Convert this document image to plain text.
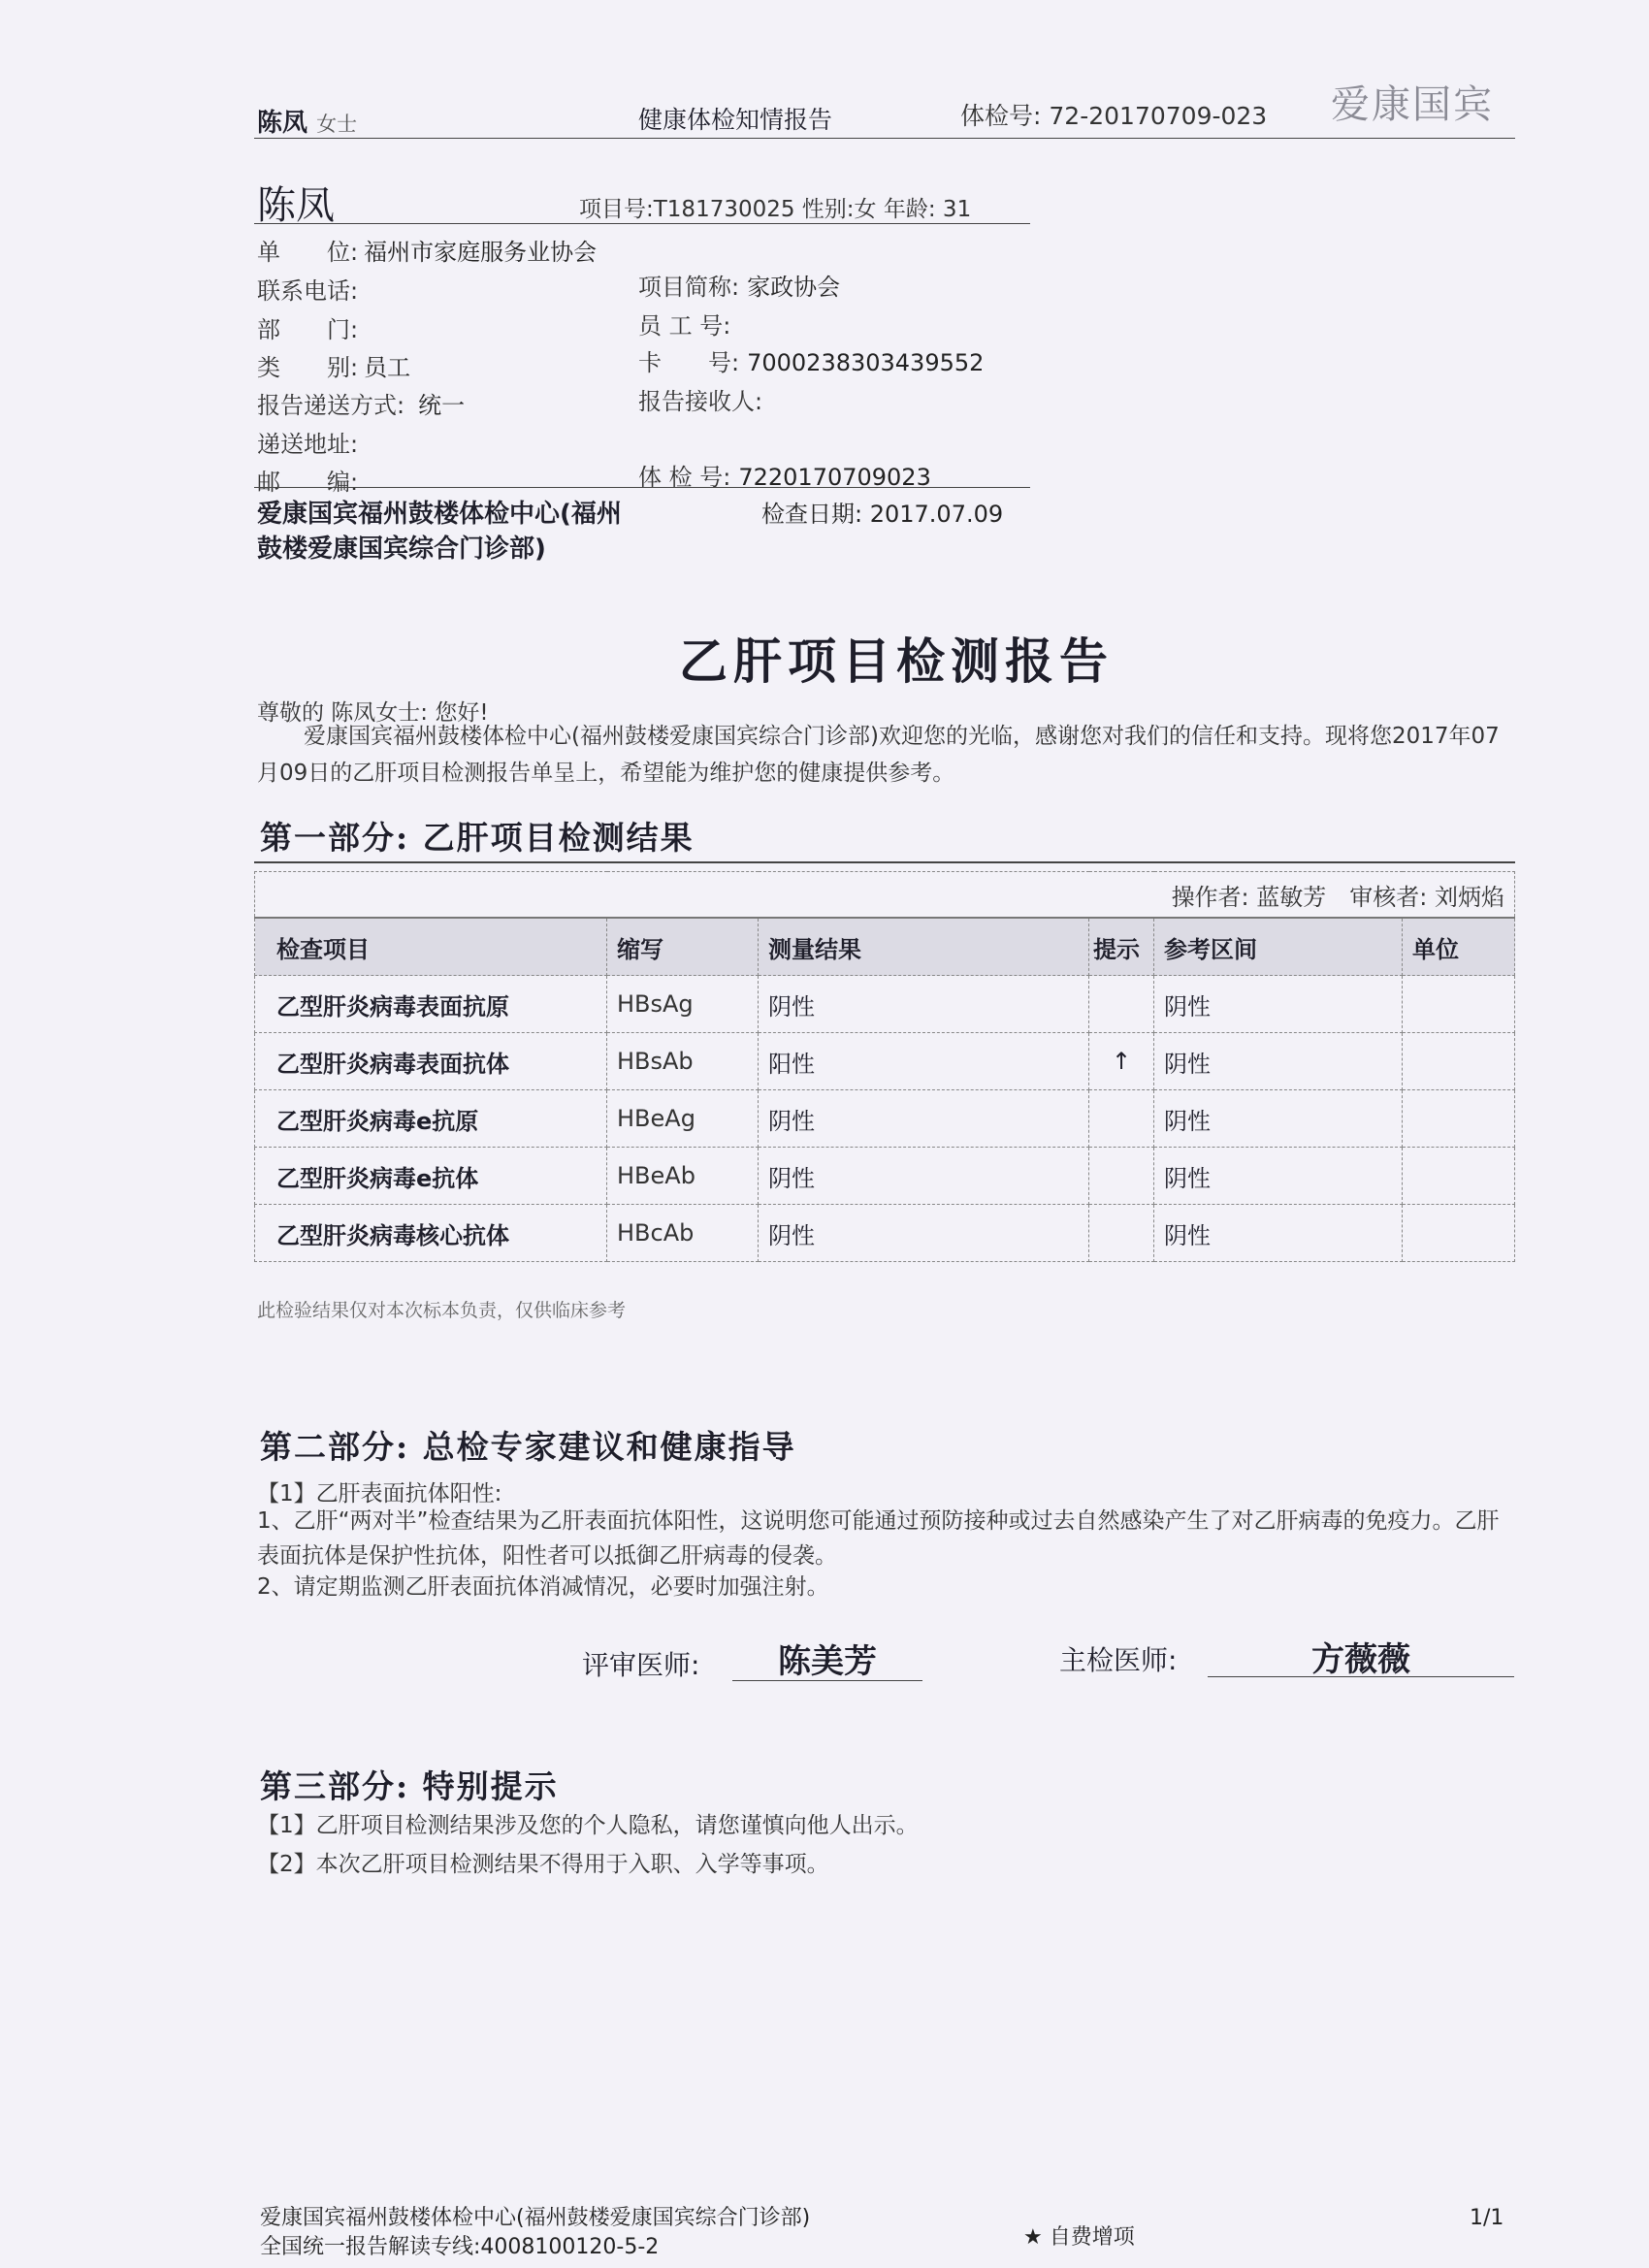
陈凤 女士	健康体检知情报告	体检号: 72-20170709-023 爱康国宾
陈凤	项目号:T181730025 性别:女 年龄: 31
单　　位: 福州市家庭服务业协会
联系电话:
部　　门:
类　　别: 员工
报告递送方式: 统一
递送地址:
邮　　编:
项目简称: 家政协会
员 工 号:
卡　　号: 7000238303439552
报告接收人:
体 检 号: 7220170709023
爱康国宾福州鼓楼体检中心(福州鼓楼爱康国宾综合门诊部)
检查日期: 2017.07.09
乙肝项目检测报告
尊敬的 陈凤女士: 您好!
爱康国宾福州鼓楼体检中心(福州鼓楼爱康国宾综合门诊部)欢迎您的光临，感谢您对我们的信任和支持。现将您2017年07月09日的乙肝项目检测报告单呈上，希望能为维护您的健康提供参考。
第一部分: 乙肝项目检测结果
操作者: 蓝敏芳　审核者: 刘炳焰					
检查项目	缩写	测量结果	提示	参考区间	单位
乙型肝炎病毒表面抗原	HBsAg	阴性		阴性	
乙型肝炎病毒表面抗体	HBsAb	阳性	↑	阴性	
乙型肝炎病毒e抗原	HBeAg	阴性		阴性	
乙型肝炎病毒e抗体	HBeAb	阴性		阴性	
乙型肝炎病毒核心抗体	HBcAb	阴性		阴性	
此检验结果仅对本次标本负责，仅供临床参考
第二部分: 总检专家建议和健康指导
【1】乙肝表面抗体阳性:
1、乙肝“两对半”检查结果为乙肝表面抗体阳性，这说明您可能通过预防接种或过去自然感染产生了对乙肝病毒的免疫力。乙肝表面抗体是保护性抗体，阳性者可以抵御乙肝病毒的侵袭。
2、请定期监测乙肝表面抗体消减情况，必要时加强注射。
评审医师:	陈美芳	主检医师:	方薇薇
第三部分: 特别提示
【1】乙肝项目检测结果涉及您的个人隐私，请您谨慎向他人出示。
【2】本次乙肝项目检测结果不得用于入职、入学等事项。
爱康国宾福州鼓楼体检中心(福州鼓楼爱康国宾综合门诊部)
全国统一报告解读专线:4008100120-5-2	★ 自费增项
1/1
